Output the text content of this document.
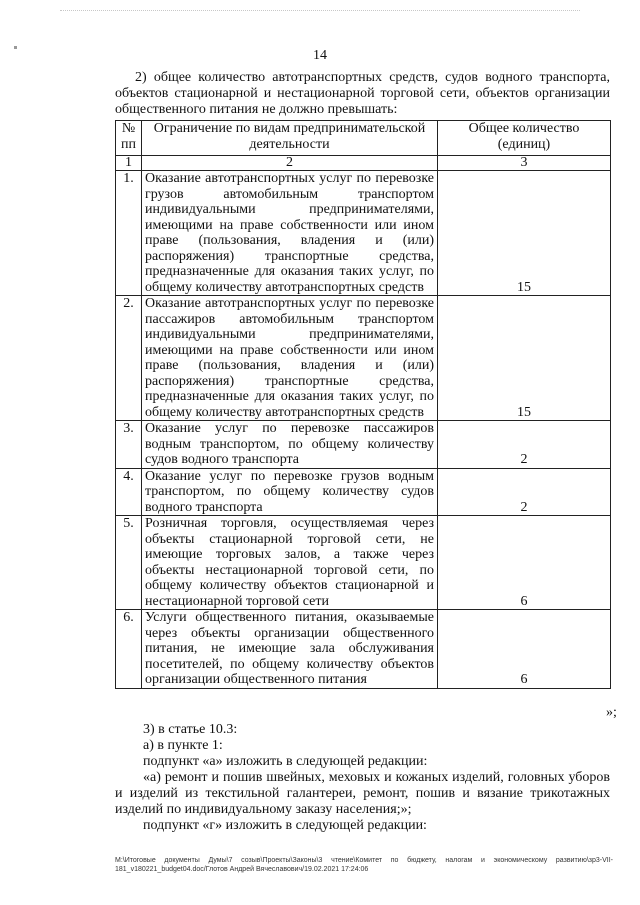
14
2) общее количество автотранспортных средств, судов водного транспорта, объектов стационарной и нестационарной торговой сети, объектов организации общественного питания не должно превышать:
№ пп	Ограничение по видам предпринимательской деятельности	Общее количество (единиц)
1	2	3
1.	Оказание автотранспортных услуг по перевозке грузов автомобильным транспортом индивидуальными предпринимателями, имеющими на праве собственности или ином праве (пользования, владения и (или) распоряжения) транспортные средства, предназначенные для оказания таких услуг, по общему количеству автотранспортных средств	15
2.	Оказание автотранспортных услуг по перевозке пассажиров автомобильным транспортом индивидуальными предпринимателями, имеющими на праве собственности или ином праве (пользования, владения и (или) распоряжения) транспортные средства, предназначенные для оказания таких услуг, по общему количеству автотранспортных средств	15
3.	Оказание услуг по перевозке пассажиров водным транспортом, по общему количеству судов водного транспорта	2
4.	Оказание услуг по перевозке грузов водным транспортом, по общему количеству судов водного транспорта	2
5.	Розничная торговля, осуществляемая через объекты стационарной торговой сети, не имеющие торговых залов, а также через объекты нестационарной торговой сети, по общему количеству объектов стационарной и нестационарной торговой сети	6
6.	Услуги общественного питания, оказываемые через объекты организации общественного питания, не имеющие зала обслуживания посетителей, по общему количеству объектов организации общественного питания	6
»;

3) в статье 10.3:

а) в пункте 1:

подпункт «а» изложить в следующей редакции:

«а) ремонт и пошив швейных, меховых и кожаных изделий, головных уборов и изделий из текстильной галантереи, ремонт, пошив и вязание трикотажных изделий по индивидуальному заказу населения;»;

подпункт «г» изложить в следующей редакции:

M:\Итоговые документы Думы\7 созыв\Проекты\Законы\3 чтение\Комитет по бюджету, налогам и экономическому развитию\зр3-VII-181_v180221_budget04.doc/Глотов Андрей Вячеславович/19.02.2021 17:24:06
